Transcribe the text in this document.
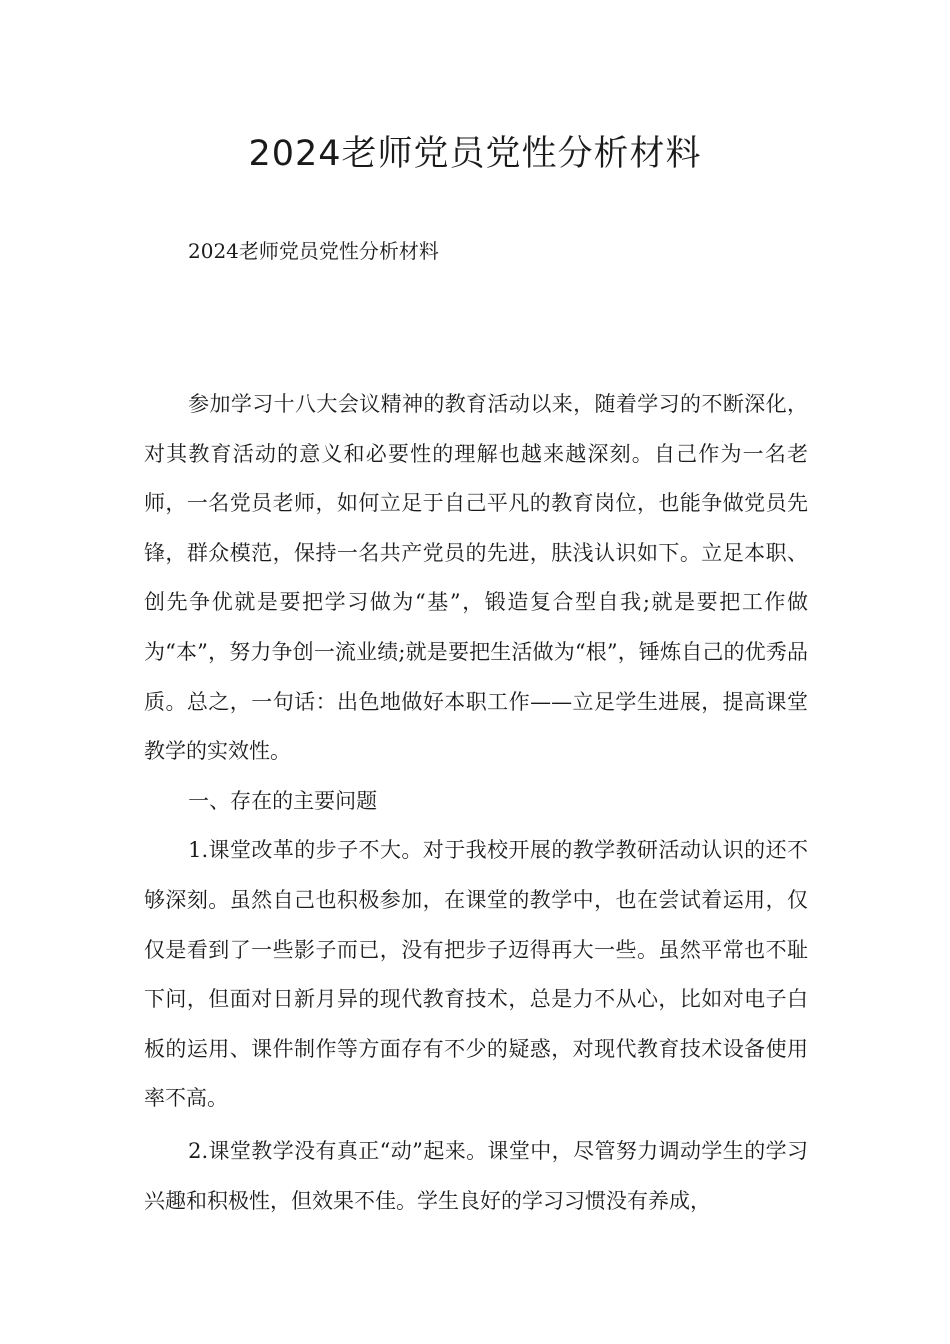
2024老师党员党性分析材料

2024老师党员党性分析材料

参加学习十八大会议精神的教育活动以来，随着学习的不断深化，对其教育活动的意义和必要性的理解也越来越深刻。自己作为一名老师，一名党员老师，如何立足于自己平凡的教育岗位，也能争做党员先锋，群众模范，保持一名共产党员的先进，肤浅认识如下。立足本职、创先争优就是要把学习做为“基”，锻造复合型自我;就是要把工作做为“本”，努力争创一流业绩;就是要把生活做为“根”，锤炼自己的优秀品质。总之，一句话：出色地做好本职工作——立足学生进展，提高课堂教学的实效性。

一、存在的主要问题

1.课堂改革的步子不大。对于我校开展的教学教研活动认识的还不够深刻。虽然自己也积极参加，在课堂的教学中，也在尝试着运用，仅仅是看到了一些影子而已，没有把步子迈得再大一些。虽然平常也不耻下问，但面对日新月异的现代教育技术，总是力不从心，比如对电子白板的运用、课件制作等方面存有不少的疑惑，对现代教育技术设备使用率不高。

2.课堂教学没有真正“动”起来。课堂中，尽管努力调动学生的学习兴趣和积极性，但效果不佳。学生良好的学习习惯没有养成，
